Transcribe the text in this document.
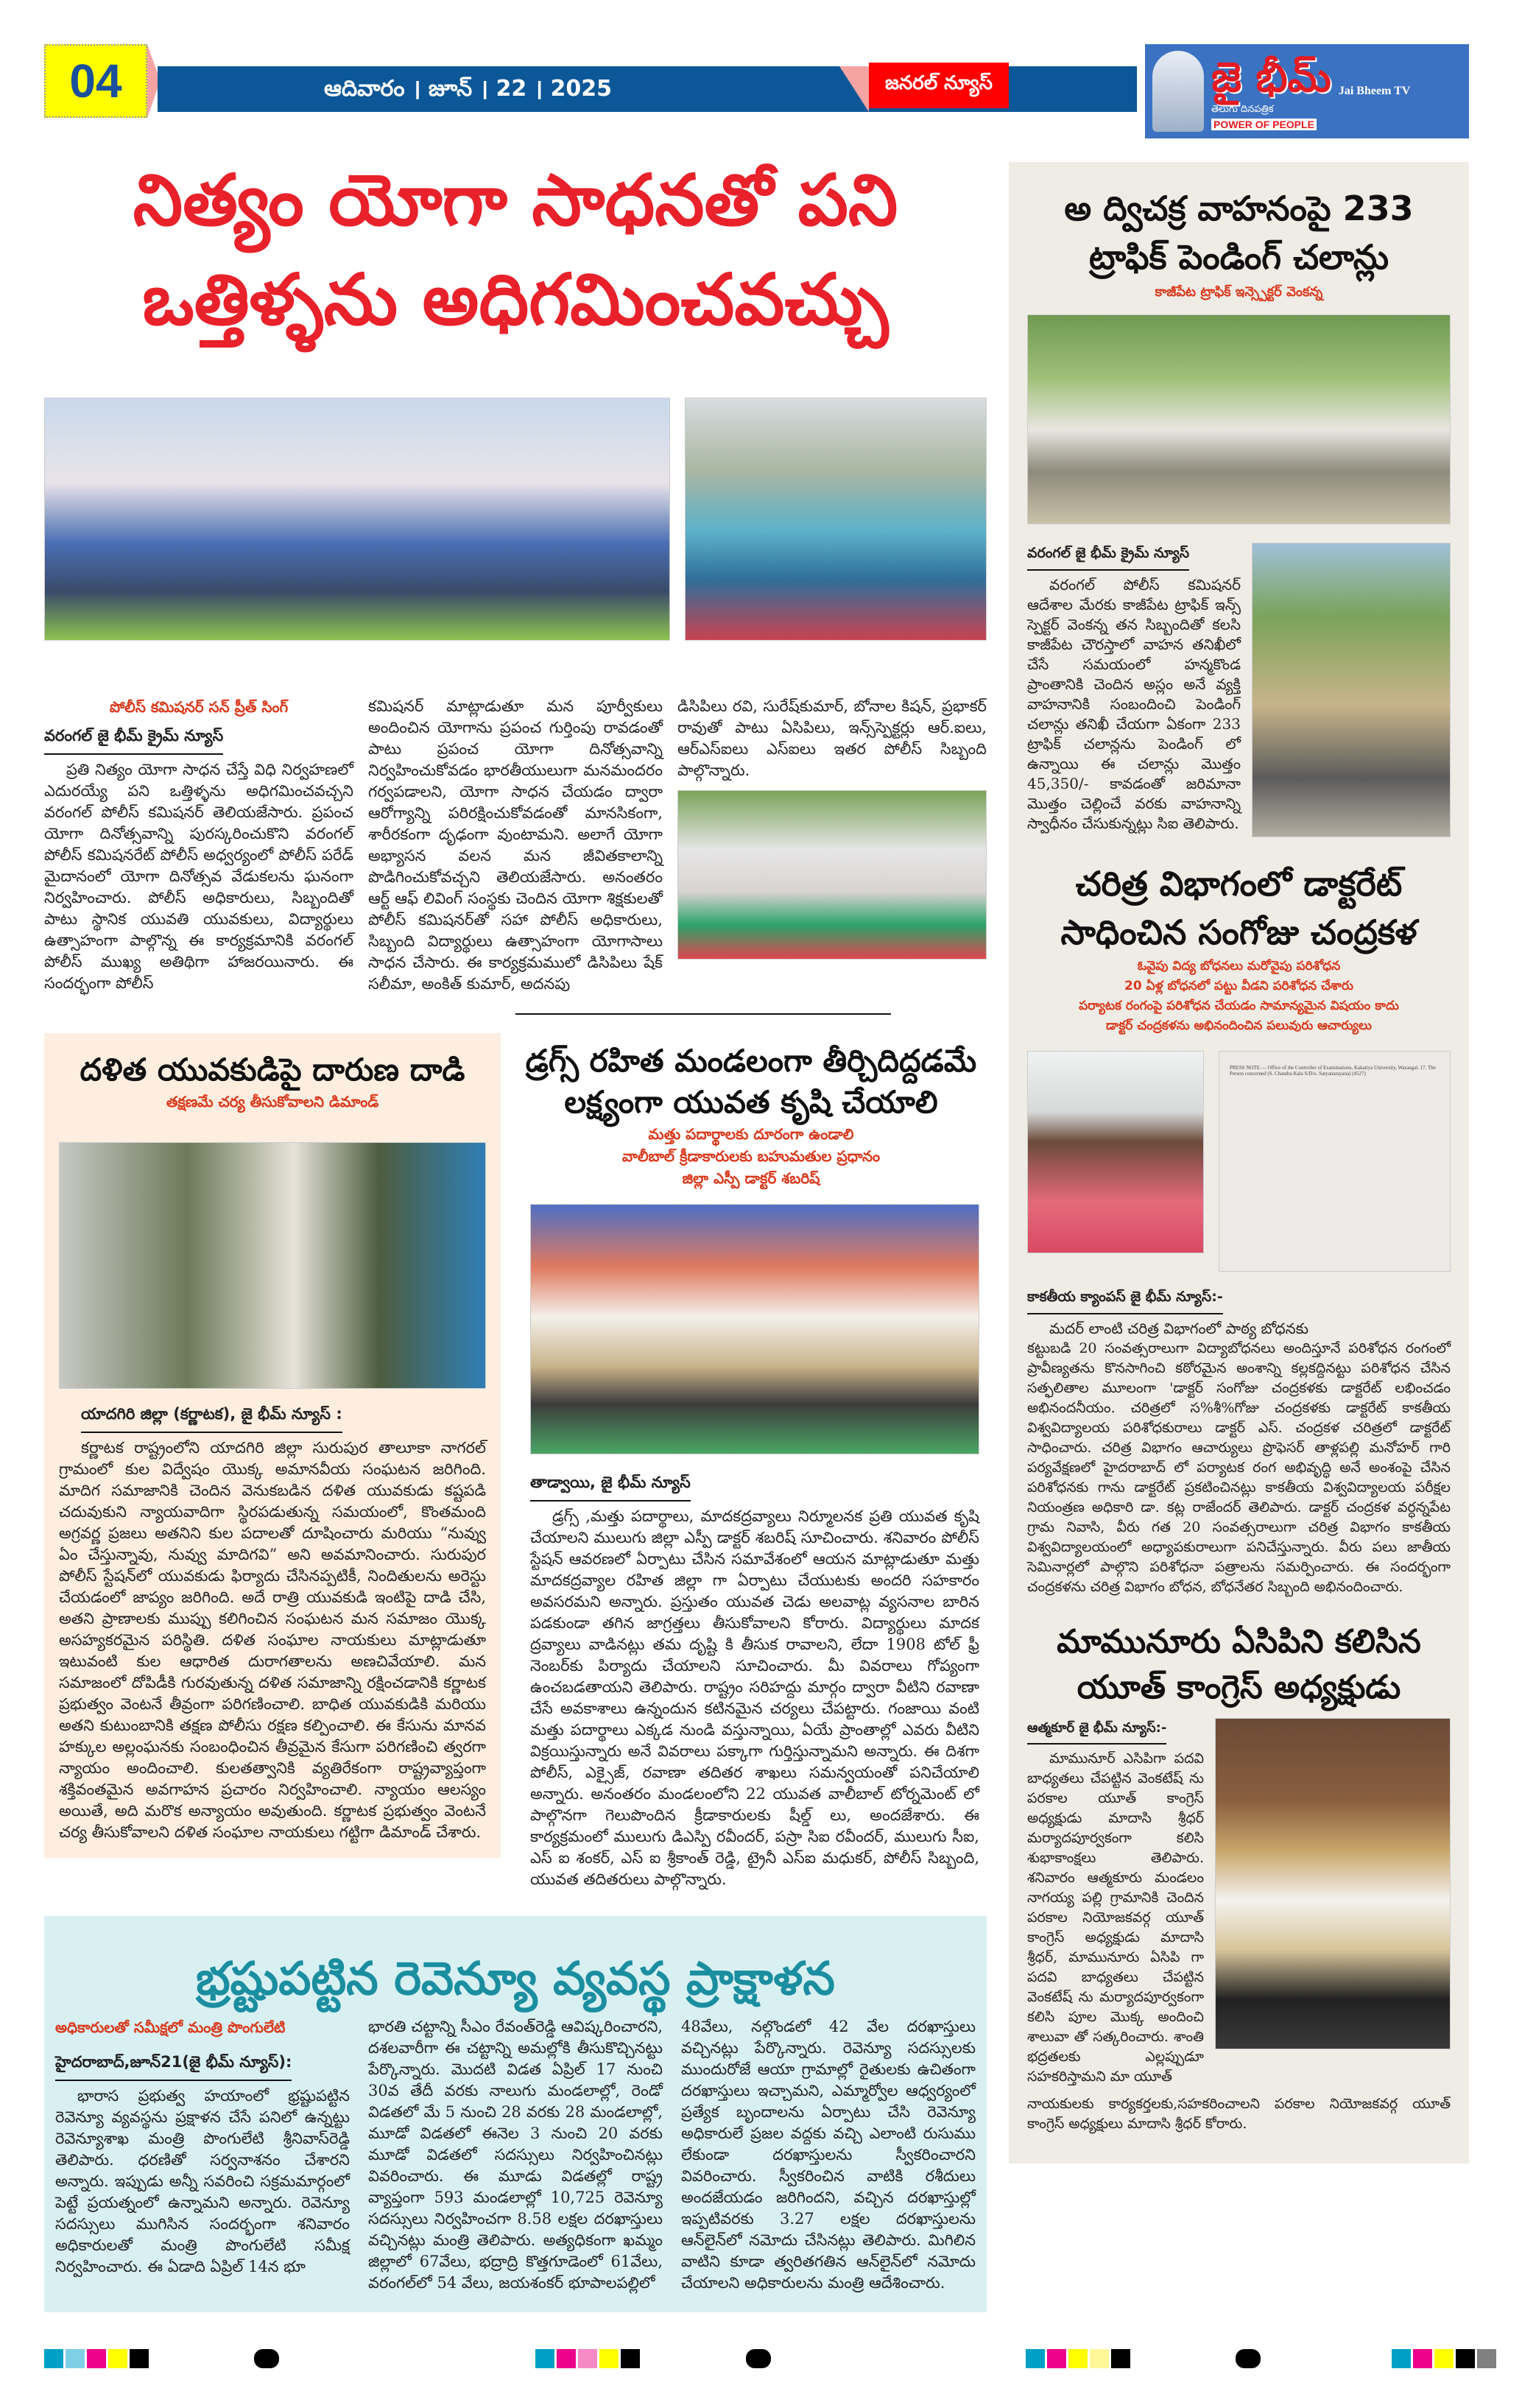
04	ఆదివారం । జూన్ । 22 । 2025	జనరల్ న్యూస్	జై భీమ్
తెలుగు దినపత్రిక
POWER OF PEOPLE
Jai Bheem TV
నిత్యం యోగా సాధనతో పని
ఒత్తిళ్ళను అధిగమించవచ్చు
పోలీస్ కమిషనర్ సన్ ప్రీత్ సింగ్
వరంగల్ జై భీమ్ క్రైమ్ న్యూస్

ప్రతి నిత్యం యోగా సాధన చేస్తే విధి నిర్వహణలో ఎదురయ్యే పని ఒత్తిళ్ళను అధిగమించవచ్చని వరంగల్ పోలీస్ కమిషనర్ తెలియజేసారు. ప్రపంచ యోగా దినోత్సవాన్ని పురస్కరించుకొని వరంగల్ పోలీస్ కమిషనరేట్ పోలీస్ అధ్వర్యంలో పోలీస్ పరేడ్ మైదానంలో యోగా దినోత్సవ వేడుకలను ఘనంగా నిర్వహించారు. పోలీస్ అధికారులు, సిబ్బందితో పాటు స్థానిక యువతి యువకులు, విద్యార్థులు ఉత్సాహంగా పాల్గొన్న ఈ కార్యక్రమానికి వరంగల్ పోలీస్ ముఖ్య అతిథిగా హాజరయినారు. ఈ సందర్భంగా పోలీస్

కమిషనర్ మాట్లాడుతూ మన పూర్వీకులు అందించిన యోగాను ప్రపంచ గుర్తింపు రావడంతో పాటు ప్రపంచ యోగా దినోత్సవాన్ని నిర్వహించుకోవడం భారతీయులుగా మనమందరం గర్వపడాలని, యోగా సాధన చేయడం ద్వారా ఆరోగ్యాన్ని పరిరక్షించుకోవడంతో మానసికంగా, శారీరకంగా దృఢంగా వుంటామని. అలాగే యోగా అభ్యాసన వలన మన జీవితకాలాన్ని పొడిగించుకోవచ్చని తెలియజేసారు. అనంతరం ఆర్ట్ ఆఫ్ లివింగ్ సంస్థకు చెందిన యోగా శిక్షకులతో పోలీస్ కమిషనర్‌తో సహా పోలీస్ అధికారులు, సిబ్బంది విద్యార్థులు ఉత్సాహంగా యోగాసాలు సాధన చేసారు. ఈ కార్యక్రమములో డిసిపిలు షేక్ సలీమా, అంకిత్ కుమార్, అదనపు

డిసిపిలు రవి, సురేష్‌కుమార్, బోనాల కిషన్, ప్రభాకర్ రావుతో పాటు ఏసిపిలు, ఇన్స్‌స్పెక్టర్లు ఆర్.ఐలు, ఆర్ఎస్ఐలు ఎస్ఐలు ఇతర పోలీస్ సిబ్బంది పాల్గొన్నారు.

దళిత యువకుడిపై దారుణ దాడి
తక్షణమే చర్య తీసుకోవాలని డిమాండ్
యాదగిరి జిల్లా (కర్ణాటక), జై భీమ్ న్యూస్ :

కర్ణాటక రాష్ట్రంలోని యాదగిరి జిల్లా సురుపుర తాలూకా నాగరల్ గ్రామంలో కుల విద్వేషం యొక్క అమానవీయ సంఘటన జరిగింది. మాదిగ సమాజానికి చెందిన వెనుకబడిన దళిత యువకుడు కష్టపడి చదువుకుని న్యాయవాదిగా స్థిరపడుతున్న సమయంలో, కొంతమంది అగ్రవర్ణ ప్రజలు అతనిని కుల పదాలతో దూషించారు మరియు “నువ్వు ఏం చేస్తున్నావు, నువ్వు మాదిగవి” అని అవమానించారు. సురుపుర పోలీస్ స్టేషన్‌లో యువకుడు ఫిర్యాదు చేసినప్పటికీ, నిందితులను అరెస్టు చేయడంలో జాప్యం జరిగింది. అదే రాత్రి యువకుడి ఇంటిపై దాడి చేసి, అతని ప్రాణాలకు ముప్పు కలిగించిన సంఘటన మన సమాజం యొక్క అసహ్యకరమైన పరిస్థితి. దళిత సంఘాల నాయకులు మాట్లాడుతూ ఇటువంటి కుల ఆధారిత దురాగతాలను అణచివేయాలి. మన సమాజంలో దోపిడీకి గురవుతున్న దళిత సమాజాన్ని రక్షించడానికి కర్ణాటక ప్రభుత్వం వెంటనే తీవ్రంగా పరిగణించాలి. బాధిత యువకుడికి మరియు అతని కుటుంబానికి తక్షణ పోలీసు రక్షణ కల్పించాలి. ఈ కేసును మానవ హక్కుల అల్లంఘనకు సంబంధించిన తీవ్రమైన కేసుగా పరిగణించి త్వరగా న్యాయం అందించాలి. కులతత్వానికి వ్యతిరేకంగా రాష్ట్రవ్యాప్తంగా శక్తివంతమైన అవగాహన ప్రచారం నిర్వహించాలి. న్యాయం ఆలస్యం అయితే, అది మరొక అన్యాయం అవుతుంది. కర్ణాటక ప్రభుత్వం వెంటనే చర్య తీసుకోవాలని దళిత సంఘాల నాయకులు గట్టిగా డిమాండ్ చేశారు.

డ్రగ్స్ రహిత మండలంగా తీర్చిదిద్దడమే
లక్ష్యంగా యువత కృషి చేయాలి
మత్తు పదార్థాలకు దూరంగా ఉండాలి
వాలీబాల్ క్రీడాకారులకు బహుమతుల ప్రధానం
జిల్లా ఎస్పీ డాక్టర్ శబరిష్
తాడ్వాయి, జై భీమ్ న్యూస్

డ్రగ్స్ ,మత్తు పదార్థాలు, మాదకద్రవ్యాలు నిర్మూలనక ప్రతి యువత కృషి చేయాలని ములుగు జిల్లా ఎస్పీ డాక్టర్ శబరిష్ సూచించారు. శనివారం పోలీస్ స్టేషన్ ఆవరణలో ఏర్పాటు చేసిన సమావేశంలో ఆయన మాట్లాడుతూ మత్తు మాదకద్రవ్యాల రహిత జిల్లా గా ఏర్పాటు చేయుటకు అందరి సహకారం అవసరమని అన్నారు. ప్రస్తుతం యువత చెడు అలవాట్ల వ్యసనాల బారిన పడకుండా తగిన జాగ్రత్తలు తీసుకోవాలని కోరారు. విద్యార్థులు మాదక ద్రవ్యాలు వాడినట్లు తమ దృష్టి కి తీసుక రావాలని, లేదా 1908 టోల్ ఫ్రీ నెంబర్‌కు పిర్యాదు చేయాలని సూచించారు. మీ వివరాలు గోప్యంగా ఉంచబడతాయని తెలిపారు. రాష్ట్రం సరిహద్దు మార్గం ద్వారా వీటిని రవాణా చేసే అవకాశాలు ఉన్నందున కటినమైన చర్యలు చేపట్టారు. గంజాయి వంటి మత్తు పదార్థాలు ఎక్కడ నుండి వస్తున్నాయి, ఏయే ప్రాంతాల్లో ఎవరు వీటిని విక్రయిస్తున్నారు అనే వివరాలు పక్కాగా గుర్తిస్తున్నామని అన్నారు. ఈ దిశగా పోలీస్, ఎక్సైజ్, రవాణా తదితర శాఖలు సమన్వయంతో పనిచేయాలి అన్నారు. అనంతరం మండలంలోని 22 యువత వాలీబాల్ టోర్నమెంట్ లో పాల్గొనగా గెలుపొందిన క్రీడాకారులకు షీల్డ్ లు, అందజేశారు. ఈ కార్యక్రమంలో ములుగు డిఎస్పి రవీందర్, పస్రా సిఐ రవీందర్, ములుగు సీఐ, ఎస్ ఐ శంకర్, ఎస్ ఐ శ్రీకాంత్ రెడ్డి, ట్రైనీ ఎస్ఐ మధుకర్, పోలీస్ సిబ్బంది, యువత తదితరులు పాల్గొన్నారు.

భ్రష్టుపట్టిన రెవెన్యూ వ్యవస్థ ప్రాక్షాళన
అధికారులతో సమీక్షలో మంత్రి పొంగులేటి
హైదరాబాద్,జూన్21(జై భీమ్ న్యూస్):

భారాస ప్రభుత్వ హయాంలో భ్రష్టుపట్టిన రెవెన్యూ వ్యవస్థను ప్రక్షాళన చేసే పనిలో ఉన్నట్టు రెవెన్యూశాఖ మంత్రి పొంగులేటి శ్రీనివాస్‌రెడ్డి తెలిపారు. ధరణితో సర్వనాశనం చేశారని అన్నారు. ఇప్పుడు అన్నీ సవరించి సక్రమమార్గంలో పెట్టే ప్రయత్నంలో ఉన్నామని అన్నారు. రెవెన్యూ సదస్సులు ముగిసిన సందర్భంగా శనివారం అధికారులతో మంత్రి పొంగులేటి సమీక్ష నిర్వహించారు. ఈ ఏడాది ఏప్రిల్ 14న భూ

భారతి చట్టాన్ని సీఎం రేవంత్‌రెడ్డి ఆవిష్కరించారని, దశలవారీగా ఈ చట్టాన్ని అమల్లోకి తీసుకొచ్చినట్టు పేర్కొన్నారు. మొదటి విడత ఏప్రిల్ 17 నుంచి 30వ తేదీ వరకు నాలుగు మండలాల్లో, రెండో విడతలో మే 5 నుంచి 28 వరకు 28 మండలాల్లో, మూడో విడతలో ఈనెల 3 నుంచి 20 వరకు మూడో విడతలో సదస్సులు నిర్వహించినట్లు వివరించారు. ఈ మూడు విడతల్లో రాష్ట్ర వ్యాప్తంగా 593 మండలాల్లో 10,725 రెవెన్యూ సదస్సులు నిర్వహించగా 8.58 లక్షల దరఖాస్తులు వచ్చినట్లు మంత్రి తెలిపారు. అత్యధికంగా ఖమ్మం జిల్లాలో 67వేలు, భద్రాద్రి కొత్తగూడెంలో 61వేలు, వరంగల్‌లో 54 వేలు, జయశంకర్ భూపాలపల్లిలో

48వేలు, నల్గొండలో 42 వేల దరఖాస్తులు వచ్చినట్లు పేర్కొన్నారు. రెవెన్యూ సదస్సులకు ముందురోజే ఆయా గ్రామాల్లో రైతులకు ఉచితంగా దరఖాస్తులు ఇచ్చామని, ఎమ్మార్వోల ఆధ్వర్యంలో ప్రత్యేక బృందాలను ఏర్పాటు చేసి రెవెన్యూ అధికారులే ప్రజల వద్దకు వచ్చి ఎలాంటి రుసుము లేకుండా దరఖాస్తులను స్వీకరించారని వివరించారు. స్వీకరించిన వాటికి రశీదులు అందజేయడం జరిగిందని, వచ్చిన దరఖాస్తుల్లో ఇప్పటివరకు 3.27 లక్షల దరఖాస్తులను ఆన్‌లైన్‌లో నమోదు చేసినట్లు తెలిపారు. మిగిలిన వాటిని కూడా త్వరితగతిన ఆన్‌లైన్‌లో నమోదు చేయాలని అధికారులను మంత్రి ఆదేశించారు.

అ ద్విచక్ర వాహనంపై 233
ట్రాఫిక్ పెండింగ్ చలాన్లు
కాజీపేట ట్రాఫిక్ ఇన్స్పెక్టర్ వెంకన్న
వరంగల్ జై భీమ్ క్రైమ్ న్యూస్

వరంగల్ పోలీస్ కమిషనర్ ఆదేశాల మేరకు కాజీపేట ట్రాఫిక్ ఇన్స్ స్పెక్టర్ వెంకన్న తన సిబ్బందితో కలసి కాజీపేట చౌరస్తాలో వాహన తనిఖీలో చేసే సమయంలో హన్మకొండ ప్రాంతానికి చెందిన అస్లం అనే వ్యక్తి వాహనానికి సంబందించి పెండింగ్ చలాన్లు తనిఖీ చేయగా ఏకంగా 233 ట్రాఫిక్ చలాన్లను పెండింగ్ లో ఉన్నాయి ఈ చలాన్లు మొత్తం 45,350/- కావడంతో జరిమానా మొత్తం చెల్లించే వరకు వాహనాన్ని స్వాధీనం చేసుకున్నట్లు సిఐ తెలిపారు.

చరిత్ర విభాగంలో డాక్టరేట్
సాధించిన సంగోజు చంద్రకళ
ఓవైపు విద్య బోధనలు మరోవైపు పరిశోధన
20 ఏళ్ల బోధనలో పట్టు వీడని పరిశోధన చేశారు
పర్యాటక రంగంపై పరిశోధన చేయడం సామాన్యమైన విషయం కాదు
డాక్టర్ చంద్రకళను అభినందించిన పలువురు ఆచార్యులు
PRESS NOTE — Office of the Controller of Examinations, Kakatiya University, Warangal. 17. The Person concerned (S. Chandra Kala S/D/o. Satyanarayana) (4527)
కాకతీయ క్యాంపస్ జై భీమ్ న్యూస్:-

మదర్ లాంటి చరిత్ర విభాగంలో పాఠ్య బోధనకు

కట్టుబడి 20 సంవత్సరాలుగా విద్యాబోధనలు అందిస్తూనే పరిశోధన రంగంలో ప్రావీణ్యతను కొనసాగించి కఠోరమైన అంశాన్ని కల్లకద్దినట్టు పరిశోధన చేసిన సత్ఫలితాల మూలంగా 'డాక్టర్ సంగోజు చంద్రకళకు డాక్టరేట్ లభించడం అభినందనీయం. చరిత్రలో స%శీ%గోజు చంద్రకళకు డాక్టరేట్ కాకతీయ విశ్వవిద్యాలయ పరిశోధకురాలు డాక్టర్ ఎస్. చంద్రకళ చరిత్రలో డాక్టరేట్ సాధించారు. చరిత్ర విభాగం ఆచార్యులు ప్రొఫెసర్ తాళ్లపల్లి మనోహర్ గారి పర్యవేక్షణలో హైదరాబాద్ లో పర్యాటక రంగ అభివృద్ధి అనే అంశంపై చేసిన పరిశోధనకు గాను డాక్టరేట్ ప్రకటించినట్లు కాకతీయ విశ్వవిద్యాలయ పరీక్షల నియంత్రణ అధికారి డా. కట్ల రాజేందర్ తెలిపారు. డాక్టర్ చంద్రకళ వర్ధన్నపేట గ్రామ నివాసి, వీరు గత 20 సంవత్సరాలుగా చరిత్ర విభాగం కాకతీయ విశ్వవిద్యాలయంలో అధ్యాపకురాలుగా పనిచేస్తున్నారు. వీరు పలు జాతీయ సెమినార్లలో పాల్గొని పరిశోధనా పత్రాలను సమర్పించారు. ఈ సందర్భంగా చంద్రకళను చరిత్ర విభాగం బోధన, బోధనేతర సిబ్బంది అభినందించారు.

మామునూరు ఏసిపిని కలిసిన
యూత్ కాంగ్రెస్ అధ్యక్షుడు
ఆత్మకూర్ జై భీమ్ న్యూస్:-

మామునూర్ ఎసిపిగా పదవి బాధ్యతలు చేపట్టిన వెంకటేష్ ను పరకాల యూత్ కాంగ్రెస్ అధ్యక్షుడు మాదాసి శ్రీధర్ మర్యాదపూర్వకంగా కలిసి శుభాకాంక్షలు తెలిపారు. శనివారం ఆత్మకూరు మండలం నాగయ్య పల్లి గ్రామానికి చెందిన పరకాల నియోజకవర్గ యూత్ కాంగ్రెస్ అధ్యక్షుడు మాదాసి శ్రీధర్, మామునూరు ఏసిపి గా పదవి బాధ్యతలు చేపట్టిన వెంకటేష్ ను మర్యాదపూర్వకంగా కలిసి పూల మొక్క అందించి శాలువా తో సత్కరించారు. శాంతి భద్రతలకు ఎల్లప్పుడూ సహకరిస్తామని మా యూత్

నాయకులకు కార్యకర్తలకు,సహకరించాలని పరకాల నియోజకవర్గ యూత్ కాంగ్రెస్ అధ్యక్షులు మాదాసి శ్రీధర్ కోరారు.
